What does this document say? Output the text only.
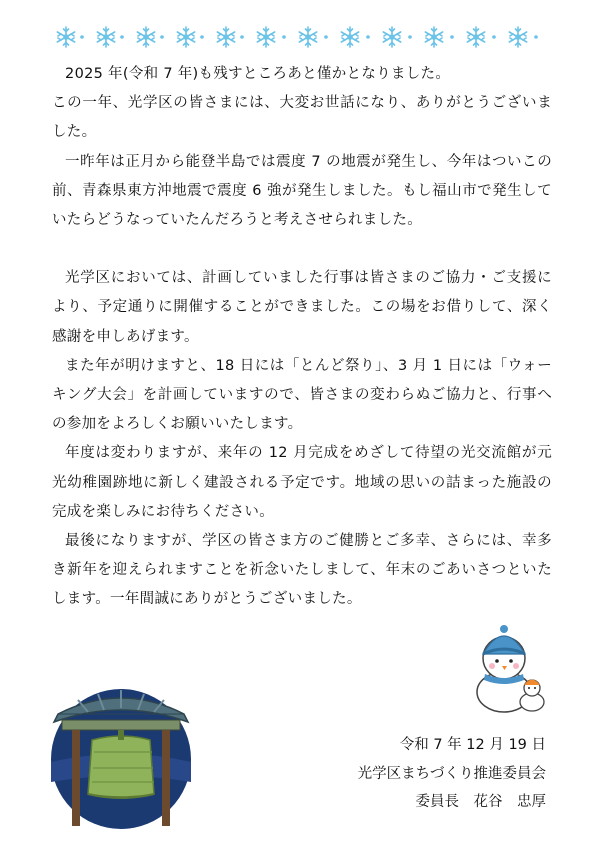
2025 年(令和 7 年)も残すところあと僅かとなりました。

この一年、光学区の皆さまには、大変お世話になり、ありがとうございました。

一昨年は正月から能登半島では震度 7 の地震が発生し、今年はついこの前、青森県東方沖地震で震度 6 強が発生しました。もし福山市で発生していたらどうなっていたんだろうと考えさせられました。

光学区においては、計画していました行事は皆さまのご協力・ご支援により、予定通りに開催することができました。この場をお借りして、深く感謝を申しあげます。

また年が明けますと、18 日には「とんど祭り」、3 月 1 日には「ウォーキング大会」を計画していますので、皆さまの変わらぬご協力と、行事への参加をよろしくお願いいたします。

年度は変わりますが、来年の 12 月完成をめざして待望の光交流館が元光幼稚園跡地に新しく建設される予定です。地域の思いの詰まった施設の完成を楽しみにお待ちください。

最後になりますが、学区の皆さま方のご健勝とご多幸、さらには、幸多き新年を迎えられますことを祈念いたしまして、年末のごあいさつといたします。一年間誠にありがとうございました。

令和 7 年 12 月 19 日
光学区まちづくり推進委員会
委員長　花谷　忠厚
